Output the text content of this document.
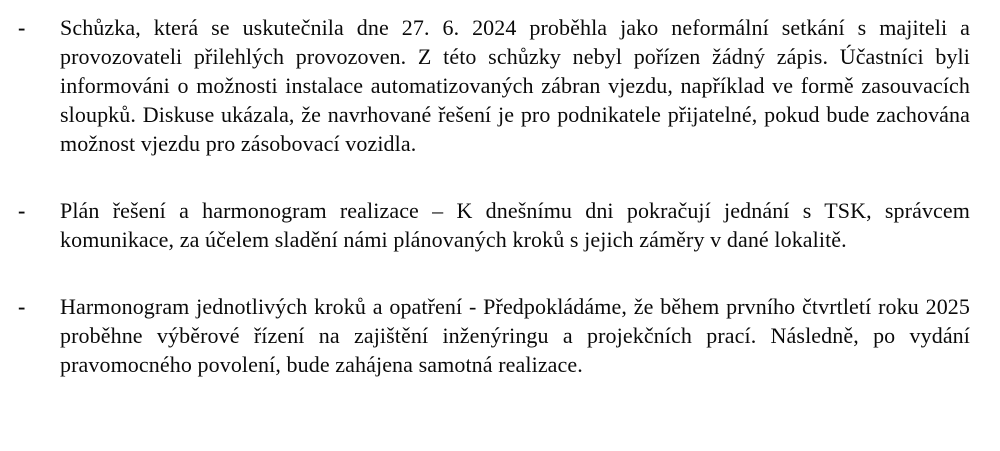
-	Schůzka, která se uskutečnila dne 27. 6. 2024 proběhla jako neformální setkání s majiteli a provozovateli přilehlých provozoven. Z této schůzky nebyl pořízen žádný zápis. Účastníci byli informováni o možnosti instalace automatizovaných zábran vjezdu, například ve formě zasouvacích sloupků. Diskuse ukázala, že navrhované řešení je pro podnikatele přijatelné, pokud bude zachována možnost vjezdu pro zásobovací vozidla.
-	Plán řešení a harmonogram realizace – K dnešnímu dni pokračují jednání s TSK, správcem komunikace, za účelem sladění námi plánovaných kroků s jejich záměry v dané lokalitě.
-	Harmonogram jednotlivých kroků a opatření - Předpokládáme, že během prvního čtvrtletí roku 2025 proběhne výběrové řízení na zajištění inženýringu a projekčních prací. Následně, po vydání pravomocného povolení, bude zahájena samotná realizace.
